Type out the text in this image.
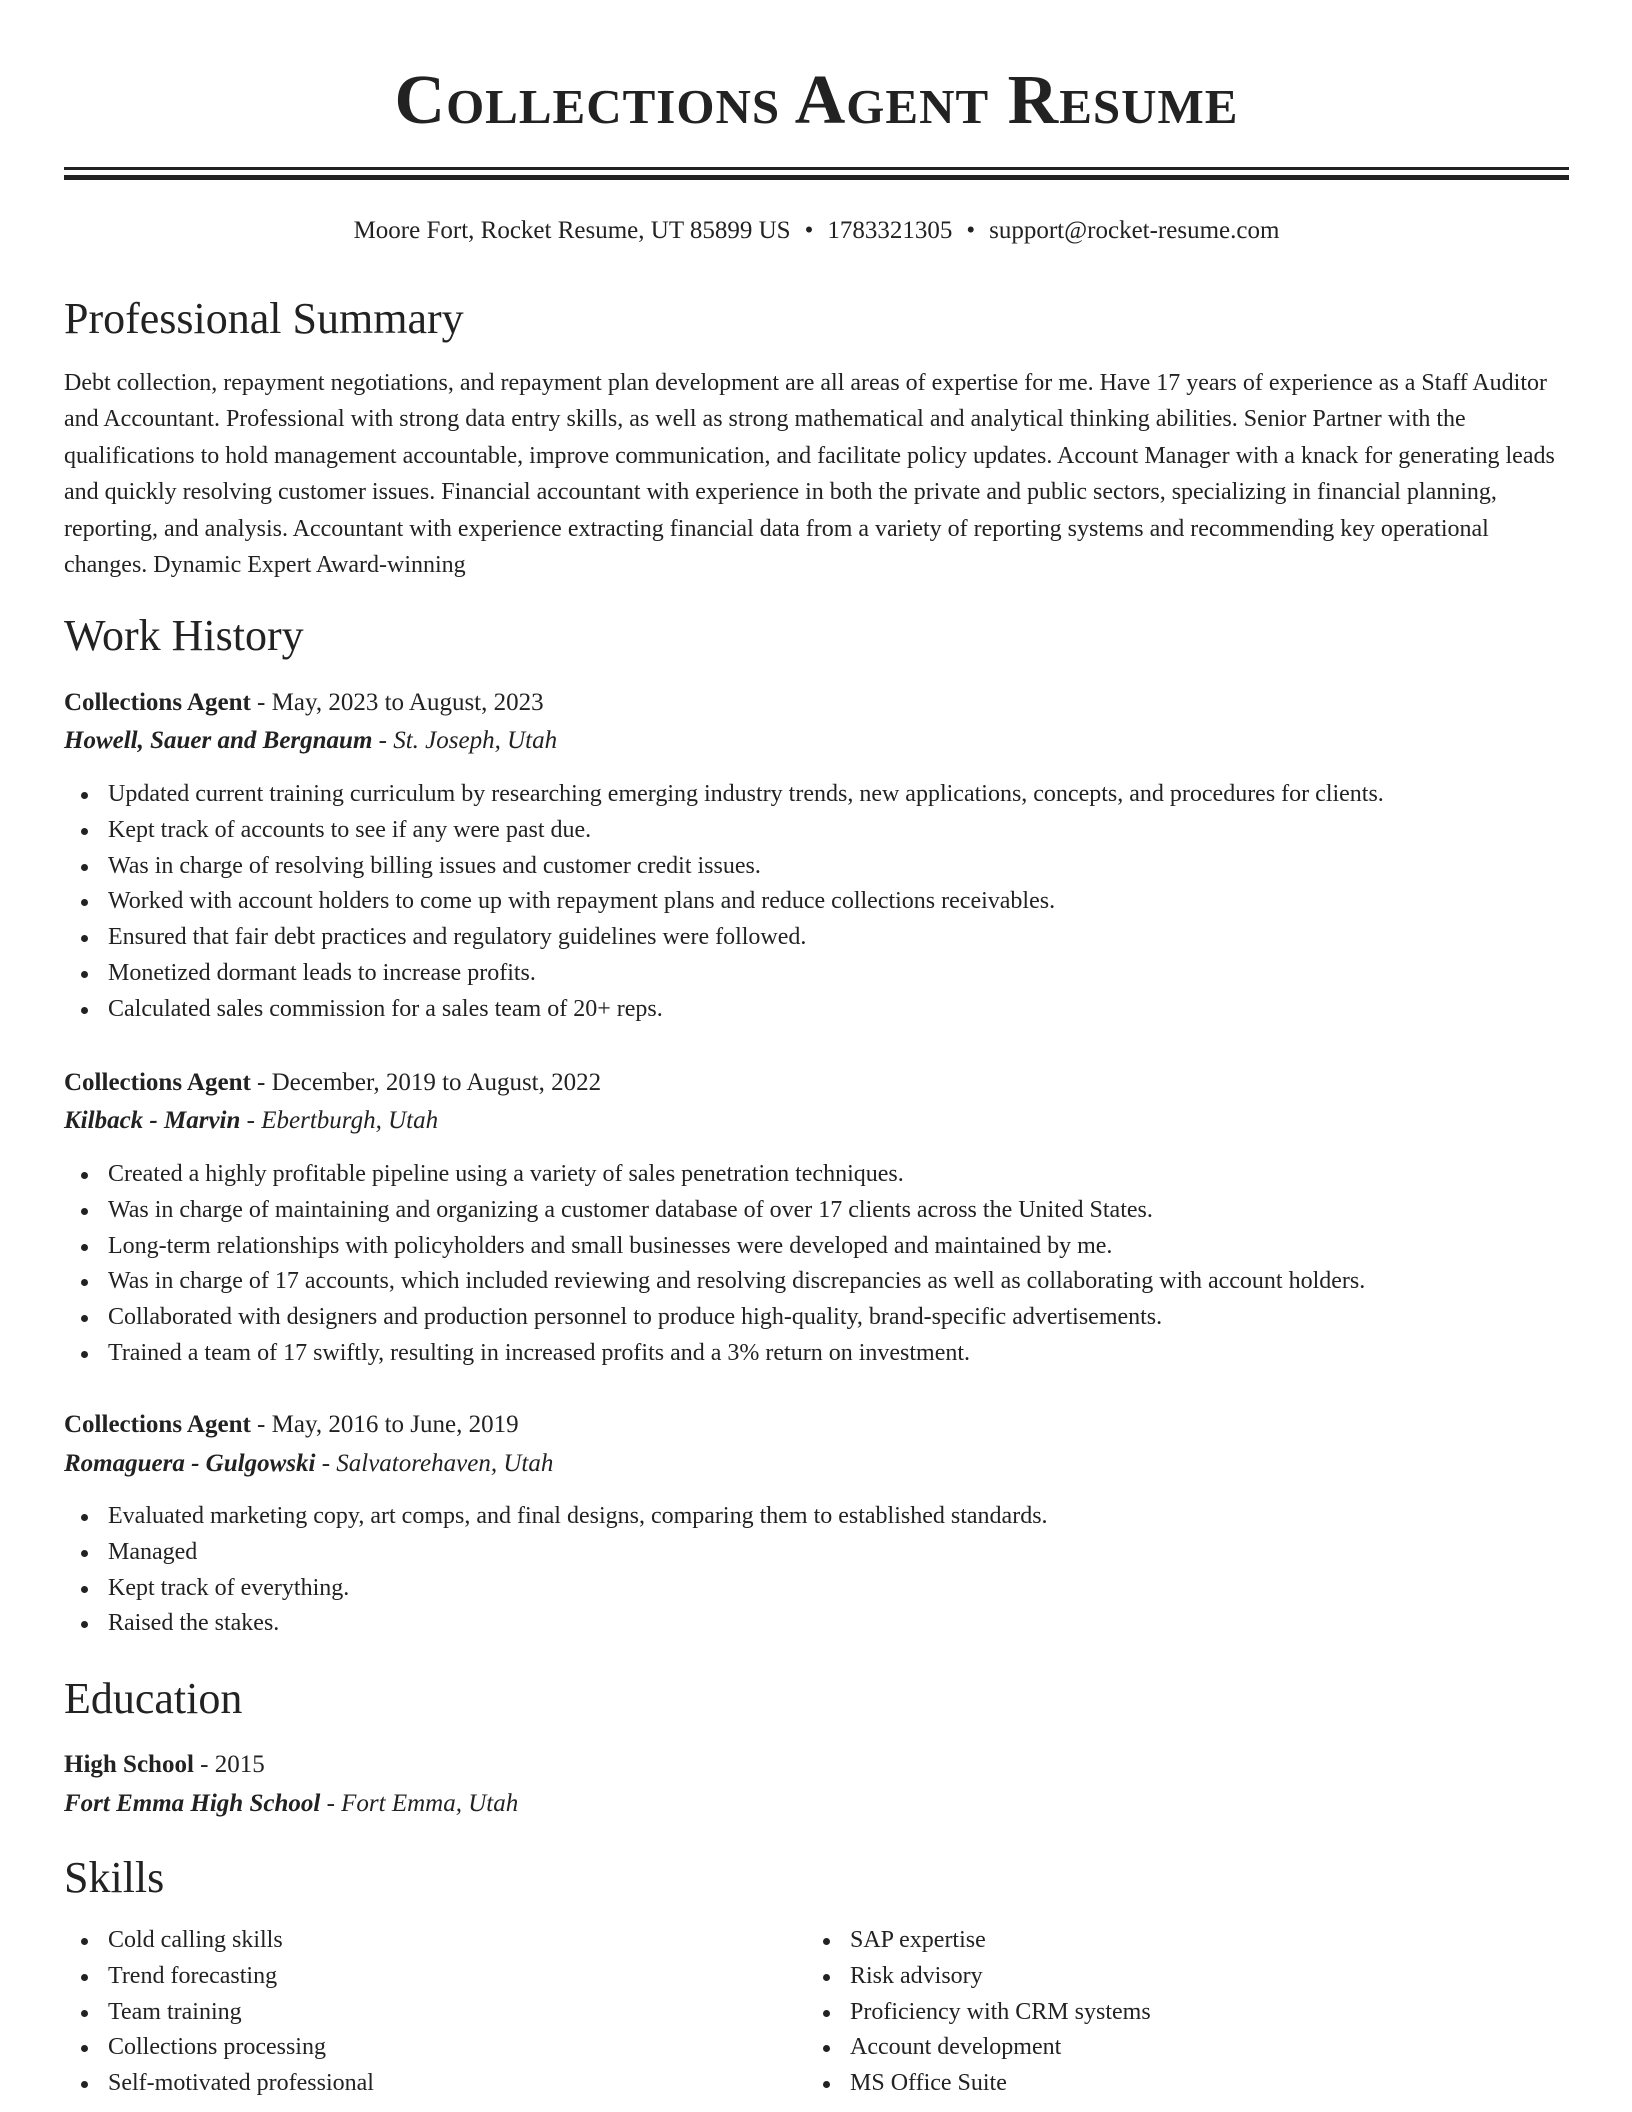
Collections Agent Resume
Moore Fort, Rocket Resume, UT 85899 US • 1783321305 • support@rocket-resume.com
Professional Summary

Debt collection, repayment negotiations, and repayment plan development are all areas of expertise for me. Have 17 years of experience as a Staff Auditor and Accountant. Professional with strong data entry skills, as well as strong mathematical and analytical thinking abilities. Senior Partner with the qualifications to hold management accountable, improve communication, and facilitate policy updates. Account Manager with a knack for generating leads and quickly resolving customer issues. Financial accountant with experience in both the private and public sectors, specializing in financial planning, reporting, and analysis. Accountant with experience extracting financial data from a variety of reporting systems and recommending key operational changes. Dynamic Expert Award-winning

Work History
Collections Agent - May, 2023 to August, 2023
Howell, Sauer and Bergnaum - St. Joseph, Utah
Updated current training curriculum by researching emerging industry trends, new applications, concepts, and procedures for clients.
Kept track of accounts to see if any were past due.
Was in charge of resolving billing issues and customer credit issues.
Worked with account holders to come up with repayment plans and reduce collections receivables.
Ensured that fair debt practices and regulatory guidelines were followed.
Monetized dormant leads to increase profits.
Calculated sales commission for a sales team of 20+ reps.
Collections Agent - December, 2019 to August, 2022
Kilback - Marvin - Ebertburgh, Utah
Created a highly profitable pipeline using a variety of sales penetration techniques.
Was in charge of maintaining and organizing a customer database of over 17 clients across the United States.
Long-term relationships with policyholders and small businesses were developed and maintained by me.
Was in charge of 17 accounts, which included reviewing and resolving discrepancies as well as collaborating with account holders.
Collaborated with designers and production personnel to produce high-quality, brand-specific advertisements.
Trained a team of 17 swiftly, resulting in increased profits and a 3% return on investment.
Collections Agent - May, 2016 to June, 2019
Romaguera - Gulgowski - Salvatorehaven, Utah
Evaluated marketing copy, art comps, and final designs, comparing them to established standards.
Managed
Kept track of everything.
Raised the stakes.
Education
High School - 2015
Fort Emma High School - Fort Emma, Utah
Skills
Cold calling skills
Trend forecasting
Team training
Collections processing
Self-motivated professional
SAP expertise
Risk advisory
Proficiency with CRM systems
Account development
MS Office Suite
